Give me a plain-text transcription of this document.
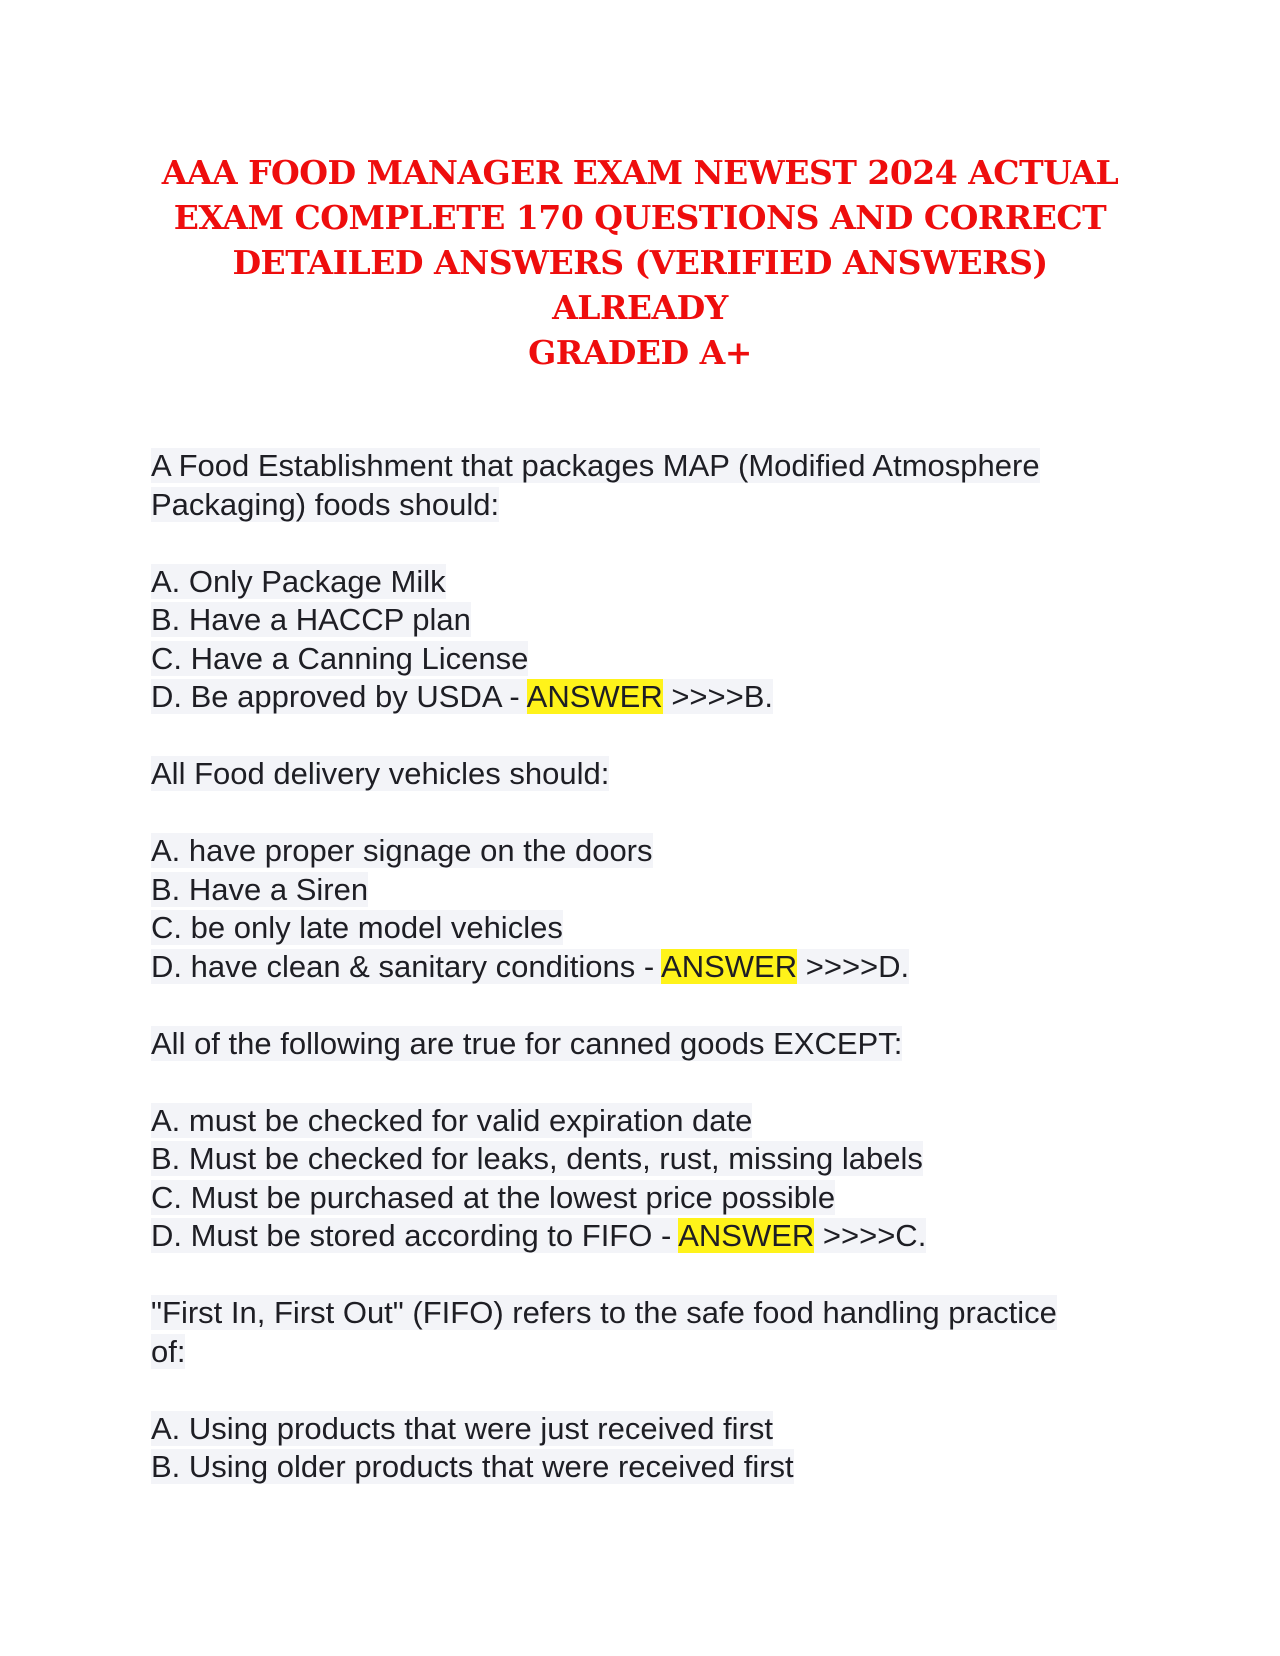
AAA FOOD MANAGER EXAM NEWEST 2024 ACTUAL
EXAM COMPLETE 170 QUESTIONS AND CORRECT
DETAILED ANSWERS (VERIFIED ANSWERS) ALREADY
GRADED A+
A Food Establishment that packages MAP (Modified Atmosphere
Packaging) foods should:
A. Only Package Milk
B. Have a HACCP plan
C. Have a Canning License
D. Be approved by USDA - ANSWER >>>>B.
All Food delivery vehicles should:
A. have proper signage on the doors
B. Have a Siren
C. be only late model vehicles
D. have clean & sanitary conditions - ANSWER >>>>D.
All of the following are true for canned goods EXCEPT:
A. must be checked for valid expiration date
B. Must be checked for leaks, dents, rust, missing labels
C. Must be purchased at the lowest price possible
D. Must be stored according to FIFO - ANSWER >>>>C.
"First In, First Out" (FIFO) refers to the safe food handling practice
of:
A. Using products that were just received first
B. Using older products that were received first
